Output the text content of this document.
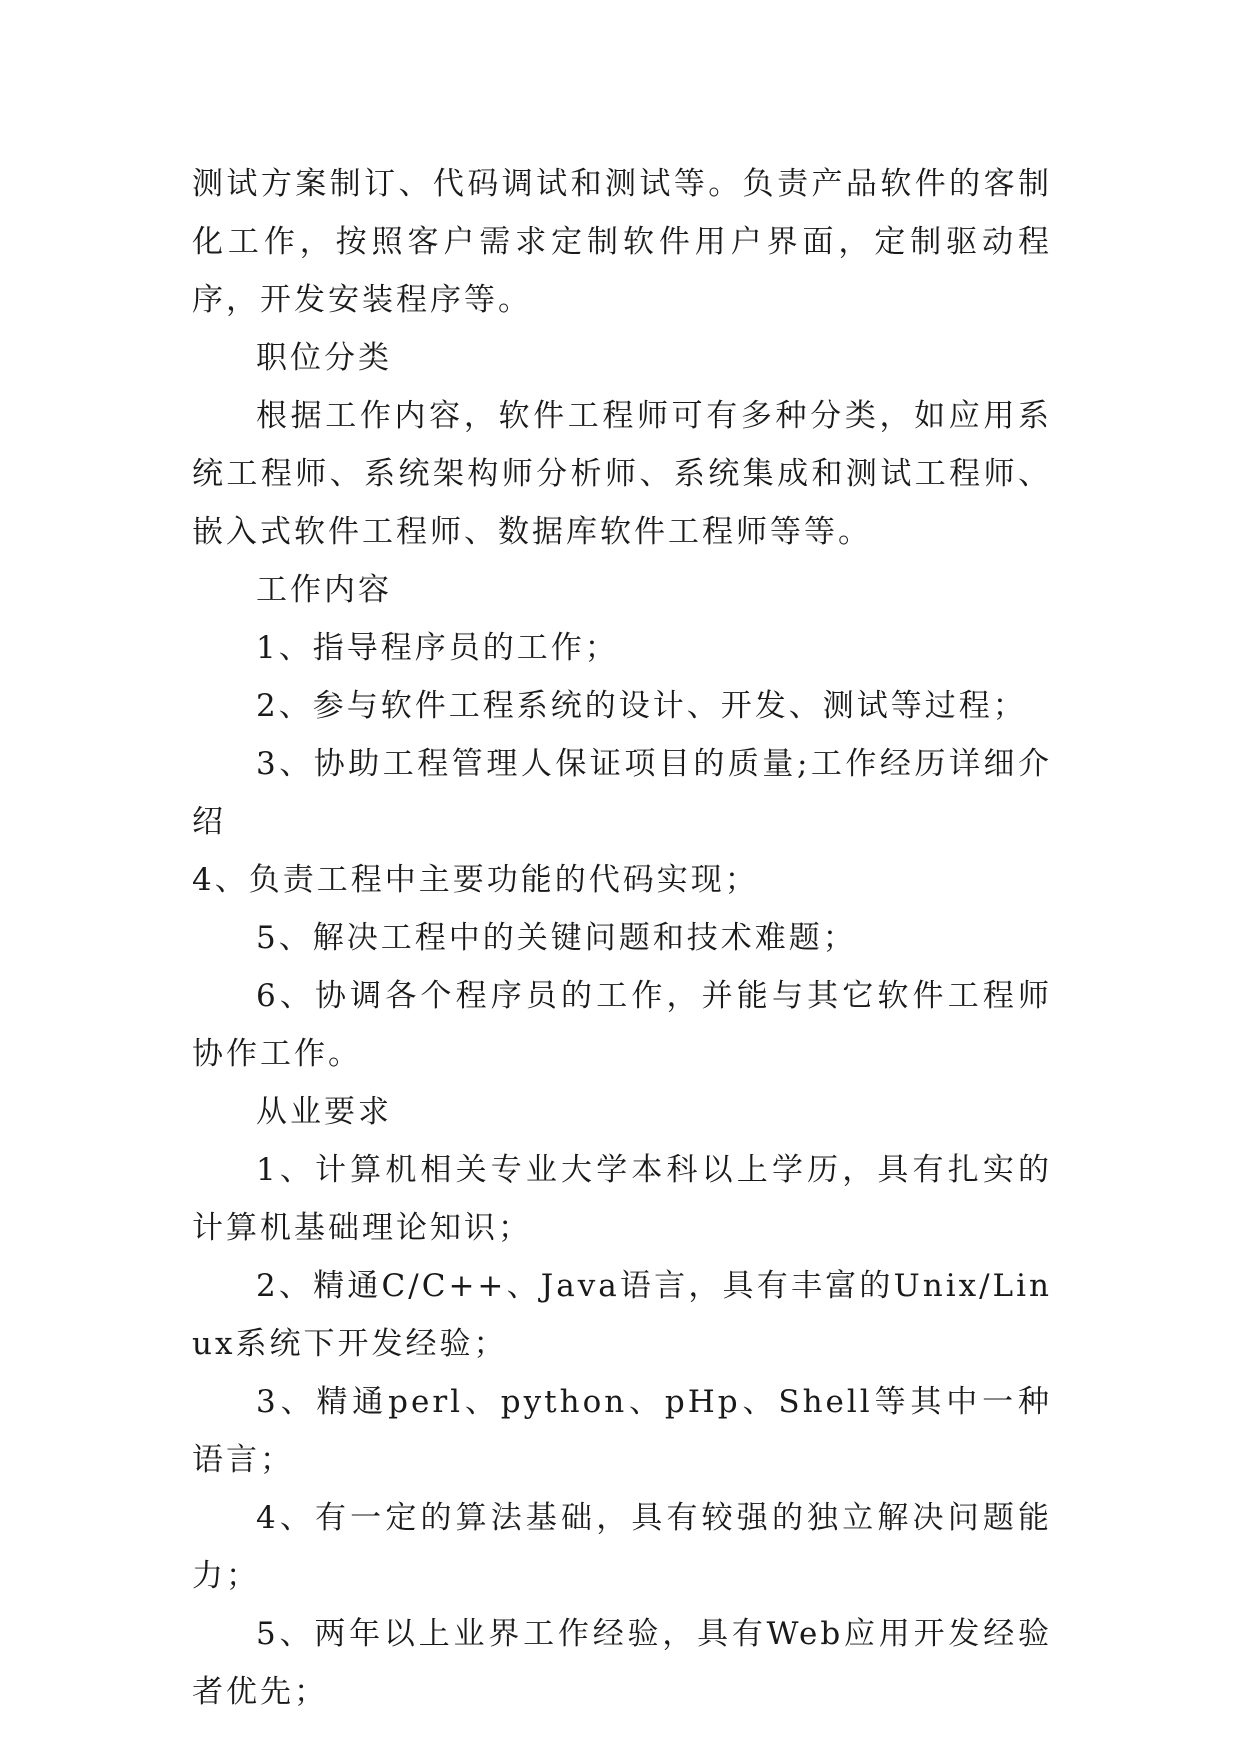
测试方案制订、代码调试和测试等。负责产品软件的客制化工作，按照客户需求定制软件用户界面，定制驱动程序，开发安装程序等。

职位分类

根据工作内容，软件工程师可有多种分类，如应用系统工程师、系统架构师分析师、系统集成和测试工程师、嵌入式软件工程师、数据库软件工程师等等。

工作内容

1、指导程序员的工作；

2、参与软件工程系统的设计、开发、测试等过程；

3、协助工程管理人保证项目的质量;工作经历详细介绍

4、负责工程中主要功能的代码实现；

5、解决工程中的关键问题和技术难题；

6、协调各个程序员的工作，并能与其它软件工程师协作工作。

从业要求

1、计算机相关专业大学本科以上学历，具有扎实的计算机基础理论知识；

2、精通C/C++、Java语言，具有丰富的Unix/Linux系统下开发经验；

3、精通perl、python、pHp、Shell等其中一种语言；

4、有一定的算法基础，具有较强的独立解决问题能力；

5、两年以上业界工作经验，具有Web应用开发经验者优先；
